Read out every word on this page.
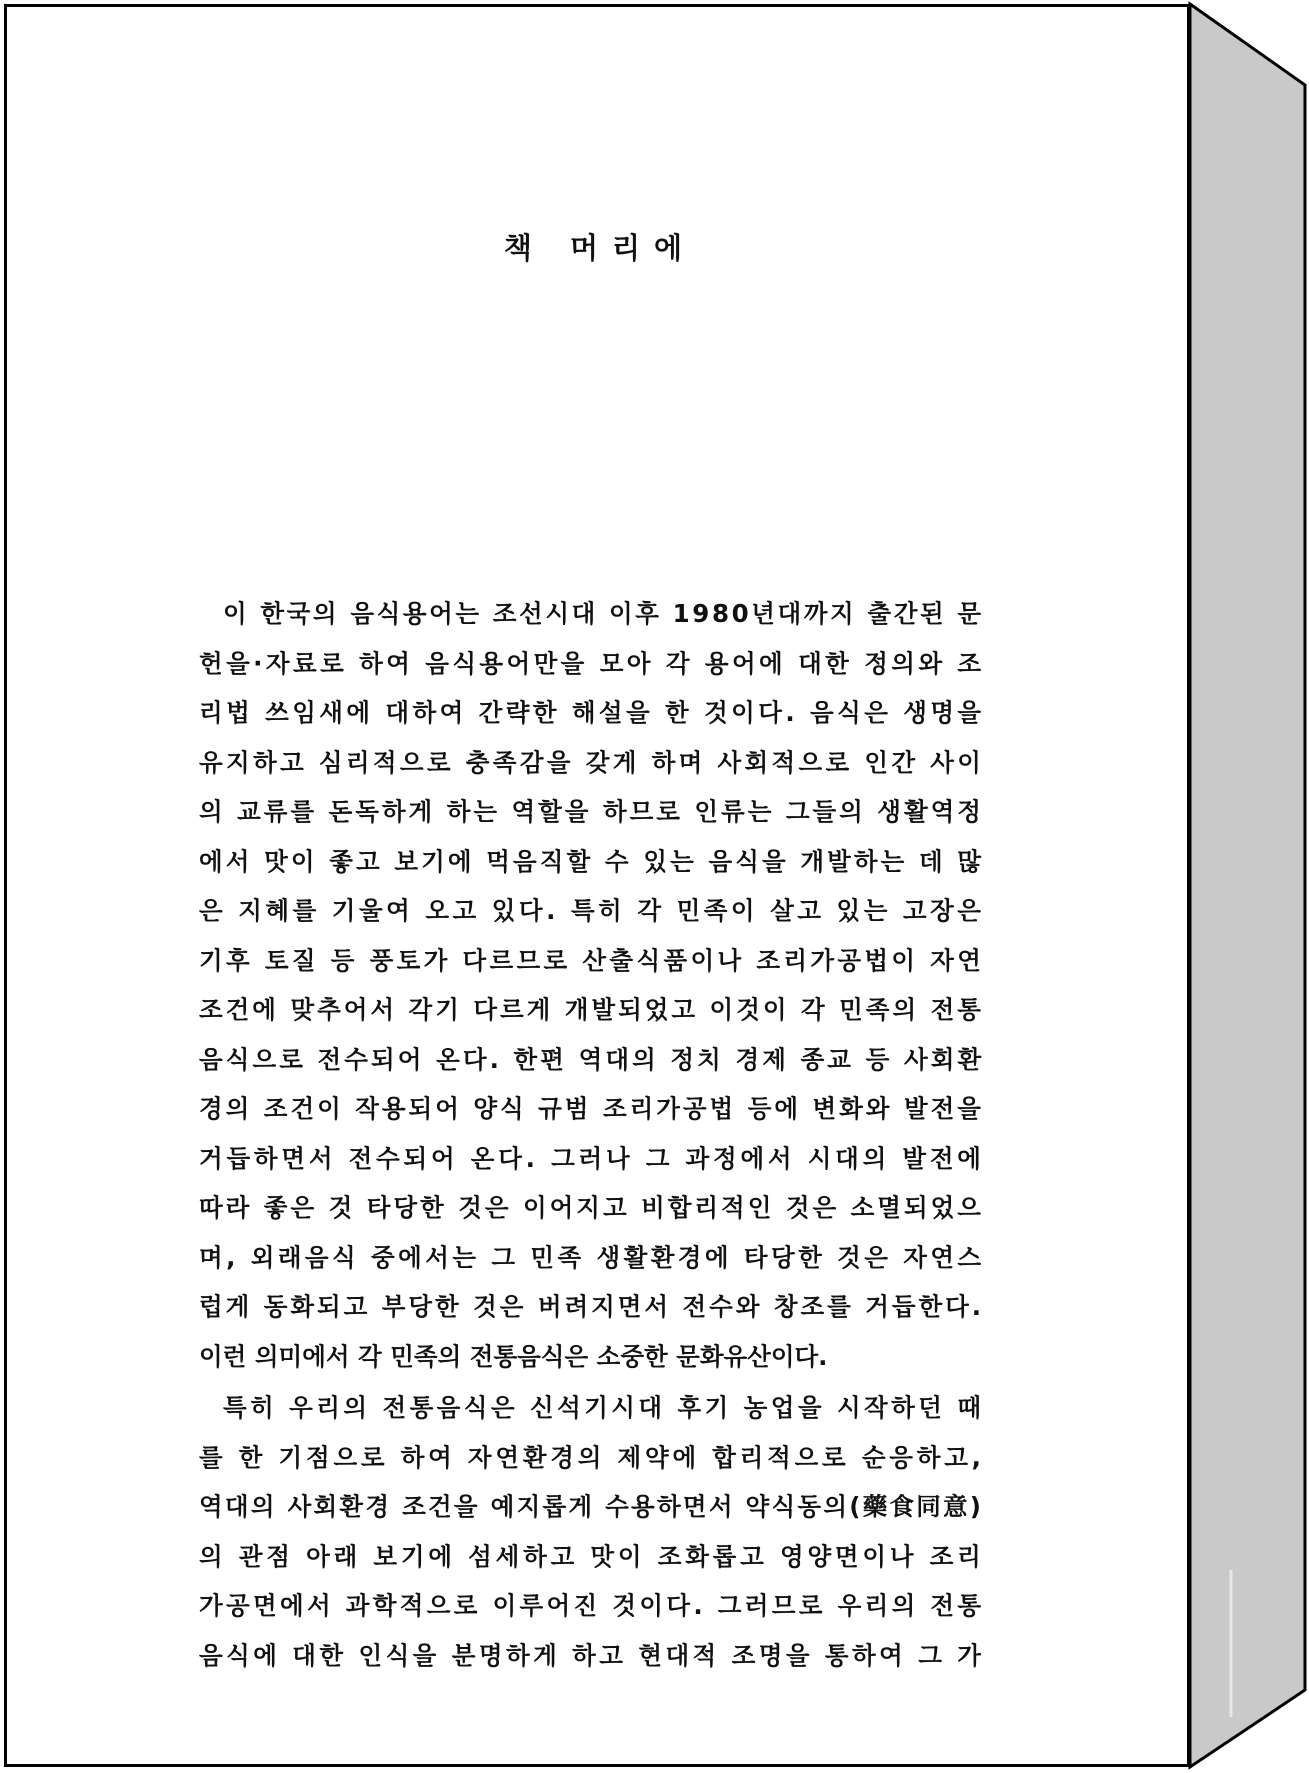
책 머리에
이 한국의 음식용어는 조선시대 이후 1980년대까지 출간된 문
헌을·자료로 하여 음식용어만을 모아 각 용어에 대한 정의와 조
리법 쓰임새에 대하여 간략한 해설을 한 것이다. 음식은 생명을
유지하고 심리적으로 충족감을 갖게 하며 사회적으로 인간 사이
의 교류를 돈독하게 하는 역할을 하므로 인류는 그들의 생활역정
에서 맛이 좋고 보기에 먹음직할 수 있는 음식을 개발하는 데 많
은 지혜를 기울여 오고 있다. 특히 각 민족이 살고 있는 고장은
기후 토질 등 풍토가 다르므로 산출식품이나 조리가공법이 자연
조건에 맞추어서 각기 다르게 개발되었고 이것이 각 민족의 전통
음식으로 전수되어 온다. 한편 역대의 정치 경제 종교 등 사회환
경의 조건이 작용되어 양식 규범 조리가공법 등에 변화와 발전을
거듭하면서 전수되어 온다. 그러나 그 과정에서 시대의 발전에
따라 좋은 것 타당한 것은 이어지고 비합리적인 것은 소멸되었으
며, 외래음식 중에서는 그 민족 생활환경에 타당한 것은 자연스
럽게 동화되고 부당한 것은 버려지면서 전수와 창조를 거듭한다.
이런 의미에서 각 민족의 전통음식은 소중한 문화유산이다.
특히 우리의 전통음식은 신석기시대 후기 농업을 시작하던 때
를 한 기점으로 하여 자연환경의 제약에 합리적으로 순응하고,
역대의 사회환경 조건을 예지롭게 수용하면서 약식동의(藥食同意)
의 관점 아래 보기에 섬세하고 맛이 조화롭고 영양면이나 조리
가공면에서 과학적으로 이루어진 것이다. 그러므로 우리의 전통
음식에 대한 인식을 분명하게 하고 현대적 조명을 통하여 그 가
